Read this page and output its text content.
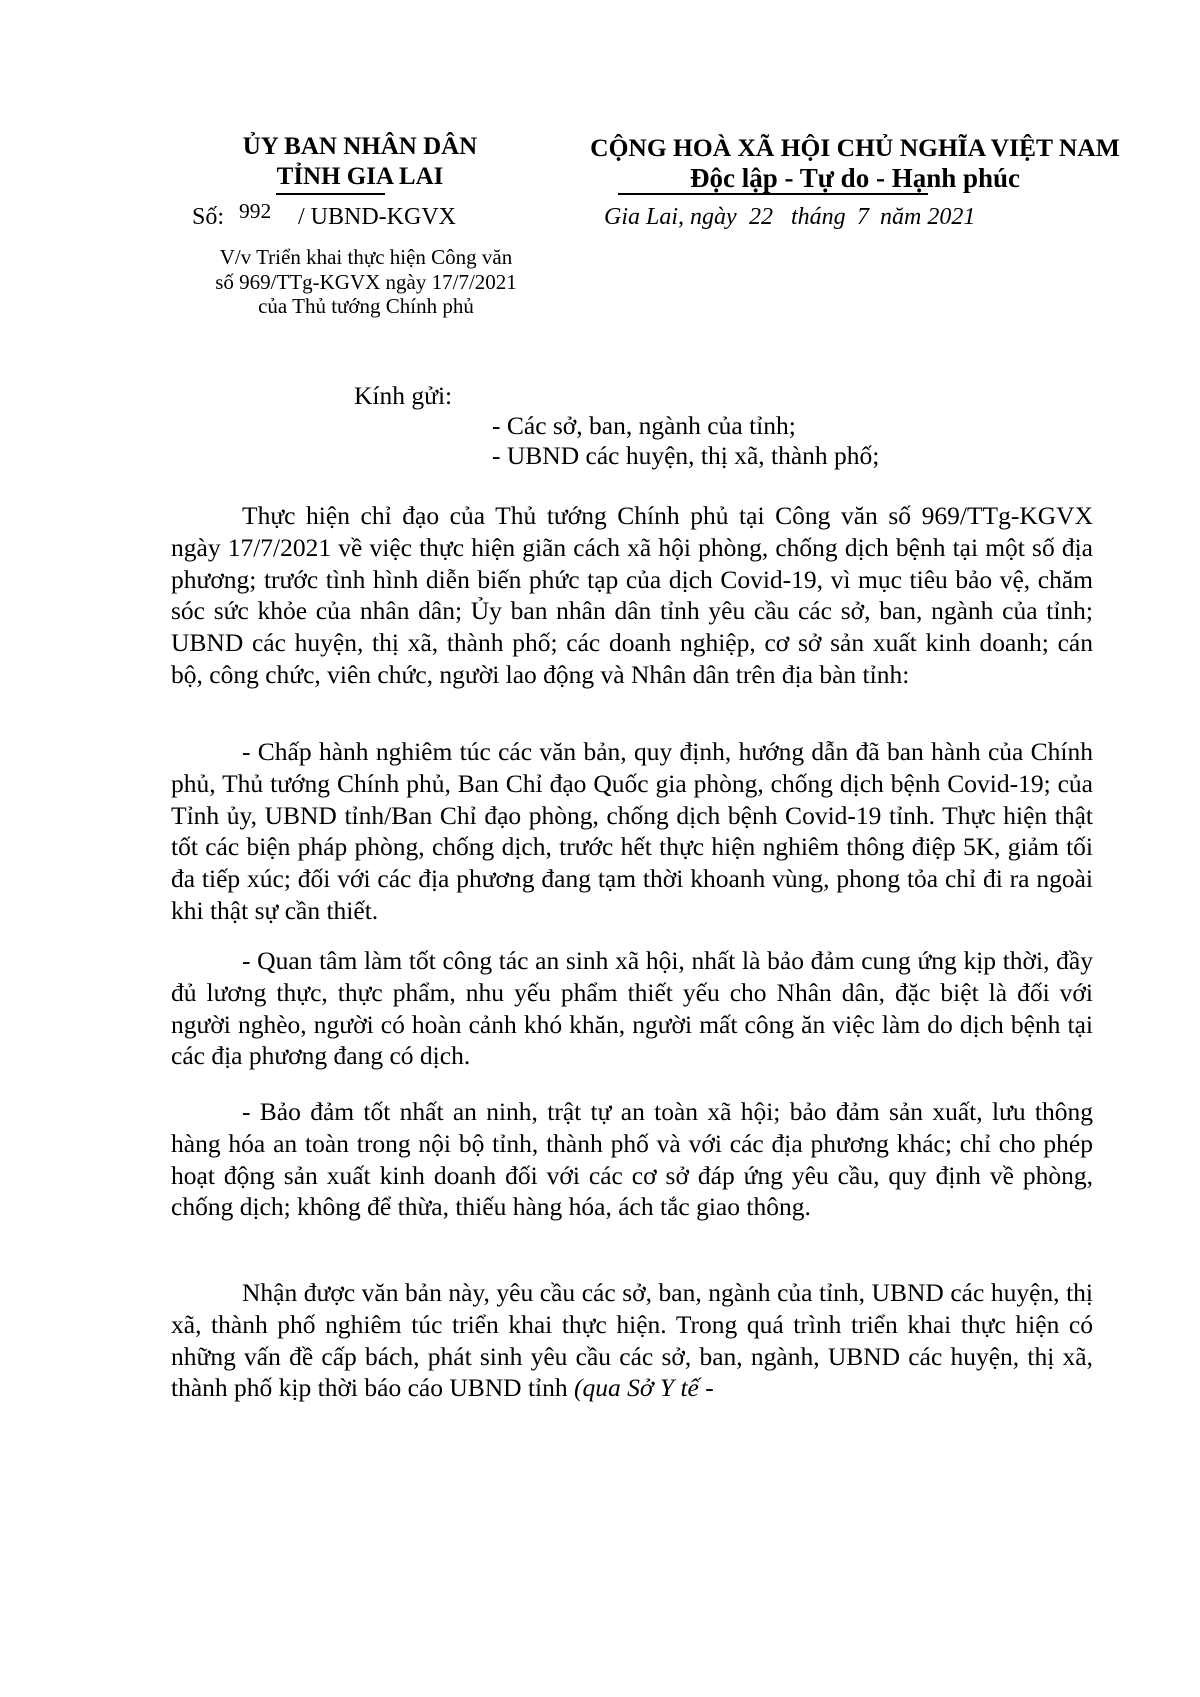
ỦY BAN NHÂN DÂN
TỈNH GIA LAI
CỘNG HOÀ XÃ HỘI CHỦ NGHĨA VIỆT NAM
Độc lập - Tự do - Hạnh phúc
Số: 992 / UBND-KGVX	Gia Lai, ngày 22 tháng 7 năm 2021
V/v Triển khai thực hiện Công văn
số 969/TTg-KGVX ngày 17/7/2021
của Thủ tướng Chính phủ
Kính gửi:
- Các sở, ban, ngành của tỉnh;
- UBND các huyện, thị xã, thành phố;
Thực hiện chỉ đạo của Thủ tướng Chính phủ tại Công văn số 969/TTg-KGVX ngày 17/7/2021 về việc thực hiện giãn cách xã hội phòng, chống dịch bệnh tại một số địa phương; trước tình hình diễn biến phức tạp của dịch Covid-19, vì mục tiêu bảo vệ, chăm sóc sức khỏe của nhân dân; Ủy ban nhân dân tỉnh yêu cầu các sở, ban, ngành của tỉnh; UBND các huyện, thị xã, thành phố; các doanh nghiệp, cơ sở sản xuất kinh doanh; cán bộ, công chức, viên chức, người lao động và Nhân dân trên địa bàn tỉnh:
- Chấp hành nghiêm túc các văn bản, quy định, hướng dẫn đã ban hành của Chính phủ, Thủ tướng Chính phủ, Ban Chỉ đạo Quốc gia phòng, chống dịch bệnh Covid-19; của Tỉnh ủy, UBND tỉnh/Ban Chỉ đạo phòng, chống dịch bệnh Covid-19 tỉnh. Thực hiện thật tốt các biện pháp phòng, chống dịch, trước hết thực hiện nghiêm thông điệp 5K, giảm tối đa tiếp xúc; đối với các địa phương đang tạm thời khoanh vùng, phong tỏa chỉ đi ra ngoài khi thật sự cần thiết.
- Quan tâm làm tốt công tác an sinh xã hội, nhất là bảo đảm cung ứng kịp thời, đầy đủ lương thực, thực phẩm, nhu yếu phẩm thiết yếu cho Nhân dân, đặc biệt là đối với người nghèo, người có hoàn cảnh khó khăn, người mất công ăn việc làm do dịch bệnh tại các địa phương đang có dịch.
- Bảo đảm tốt nhất an ninh, trật tự an toàn xã hội; bảo đảm sản xuất, lưu thông hàng hóa an toàn trong nội bộ tỉnh, thành phố và với các địa phương khác; chỉ cho phép hoạt động sản xuất kinh doanh đối với các cơ sở đáp ứng yêu cầu, quy định về phòng, chống dịch; không để thừa, thiếu hàng hóa, ách tắc giao thông.
Nhận được văn bản này, yêu cầu các sở, ban, ngành của tỉnh, UBND các huyện, thị xã, thành phố nghiêm túc triển khai thực hiện. Trong quá trình triển khai thực hiện có những vấn đề cấp bách, phát sinh yêu cầu các sở, ban, ngành, UBND các huyện, thị xã, thành phố kịp thời báo cáo UBND tỉnh (qua Sở Y tế -
